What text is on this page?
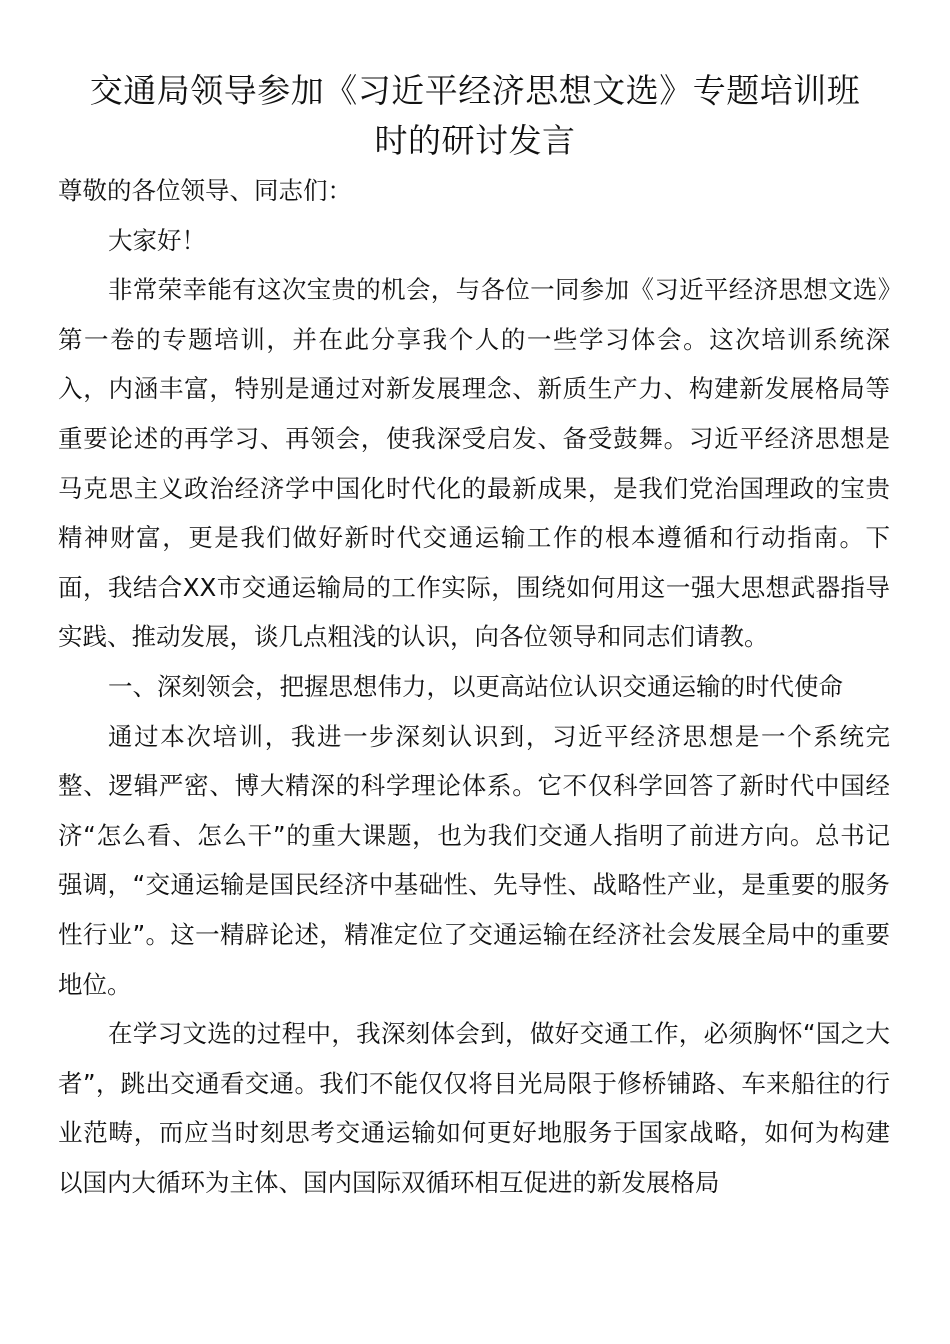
交通局领导参加《习近平经济思想文选》专题培训班
时的研讨发言

尊敬的各位领导、同志们：

大家好！

非常荣幸能有这次宝贵的机会，与各位一同参加《习近平经济思想文选》第一卷的专题培训，并在此分享我个人的一些学习体会。这次培训系统深入，内涵丰富，特别是通过对新发展理念、新质生产力、构建新发展格局等重要论述的再学习、再领会，使我深受启发、备受鼓舞。习近平经济思想是马克思主义政治经济学中国化时代化的最新成果，是我们党治国理政的宝贵精神财富，更是我们做好新时代交通运输工作的根本遵循和行动指南。下面，我结合XX市交通运输局的工作实际，围绕如何用这一强大思想武器指导实践、推动发展，谈几点粗浅的认识，向各位领导和同志们请教。

一、深刻领会，把握思想伟力，以更高站位认识交通运输的时代使命

通过本次培训，我进一步深刻认识到，习近平经济思想是一个系统完整、逻辑严密、博大精深的科学理论体系。它不仅科学回答了新时代中国经济“怎么看、怎么干”的重大课题，也为我们交通人指明了前进方向。总书记强调，“交通运输是国民经济中基础性、先导性、战略性产业，是重要的服务性行业”。这一精辟论述，精准定位了交通运输在经济社会发展全局中的重要地位。

在学习文选的过程中，我深刻体会到，做好交通工作，必须胸怀“国之大者”，跳出交通看交通。我们不能仅仅将目光局限于修桥铺路、车来船往的行业范畴，而应当时刻思考交通运输如何更好地服务于国家战略，如何为构建以国内大循环为主体、国内国际双循环相互促进的新发展格局
